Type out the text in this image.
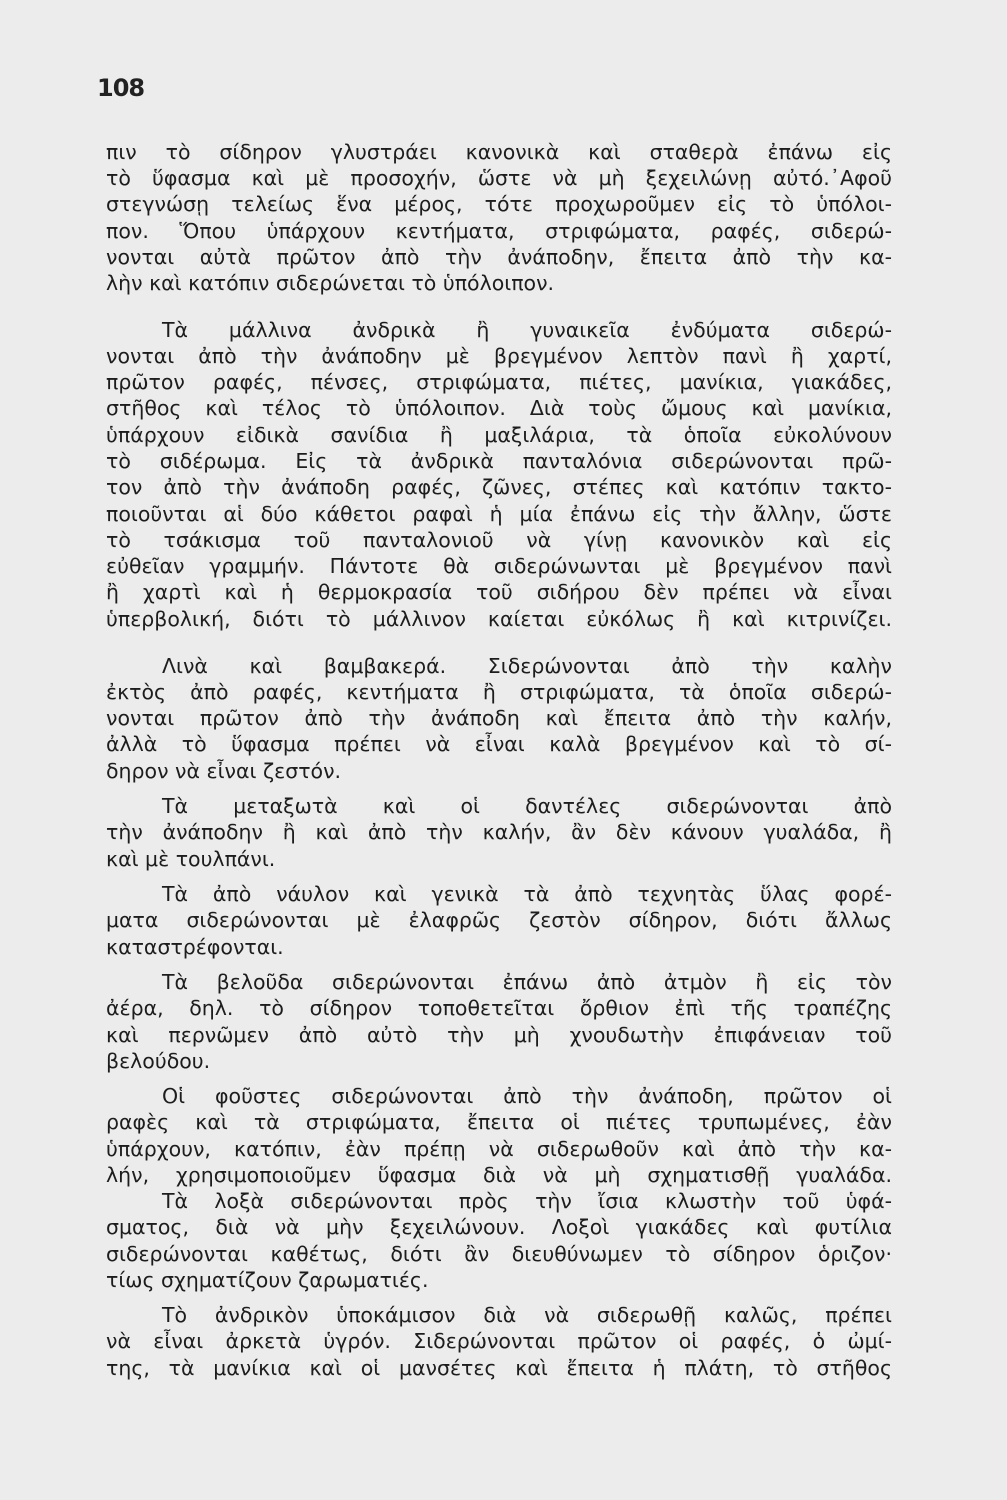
108
πιν τὸ σίδηρον γλυστράει κανονικὰ καὶ σταθερὰ ἐπάνω εἰς
τὸ ὕφασμα καὶ μὲ προσοχήν, ὥστε νὰ μὴ ξεχειλώνῃ αὐτό.᾿Αφοῦ
στεγνώσῃ τελείως ἕνα μέρος, τότε προχωροῦμεν εἰς τὸ ὑπόλοι-
πον. Ὅπου ὑπάρχουν κεντήματα, στριφώματα, ραφές, σιδερώ-
νονται αὐτὰ πρῶτον ἀπὸ τὴν ἀνάποδην, ἔπειτα ἀπὸ τὴν κα-
λὴν καὶ κατόπιν σιδερώνεται τὸ ὑπόλοιπον.
Τὰ μάλλινα ἀνδρικὰ ἢ γυναικεῖα ἐνδύματα σιδερώ-
νονται ἀπὸ τὴν ἀνάποδην μὲ βρεγμένον λεπτὸν πανὶ ἢ χαρτί,
πρῶτον ραφές, πένσες, στριφώματα, πιέτες, μανίκια, γιακάδες,
στῆθος καὶ τέλος τὸ ὑπόλοιπον. Διὰ τοὺς ὤμους καὶ μανίκια,
ὑπάρχουν εἰδικὰ σανίδια ἢ μαξιλάρια, τὰ ὁποῖα εὐκολύνουν
τὸ σιδέρωμα. Εἰς τὰ ἀνδρικὰ πανταλόνια σιδερώνονται πρῶ-
τον ἀπὸ τὴν ἀνάποδη ραφές, ζῶνες, στέπες καὶ κατόπιν τακτο-
ποιοῦνται αἱ δύο κάθετοι ραφαὶ ἡ μία ἐπάνω εἰς τὴν ἄλλην, ὥστε
τὸ τσάκισμα τοῦ πανταλονιοῦ νὰ γίνῃ κανονικὸν καὶ εἰς
εὐθεῖαν γραμμήν. Πάντοτε θὰ σιδερώνωνται μὲ βρεγμένον πανὶ
ἢ χαρτὶ καὶ ἡ θερμοκρασία τοῦ σιδήρου δὲν πρέπει νὰ εἶναι
ὑπερβολική, διότι τὸ μάλλινον καίεται εὐκόλως ἢ καὶ κιτρινίζει.
Λινὰ καὶ βαμβακερά. Σιδερώνονται ἀπὸ τὴν καλὴν
ἐκτὸς ἀπὸ ραφές, κεντήματα ἢ στριφώματα, τὰ ὁποῖα σιδερώ-
νονται πρῶτον ἀπὸ τὴν ἀνάποδη καὶ ἔπειτα ἀπὸ τὴν καλήν,
ἀλλὰ τὸ ὕφασμα πρέπει νὰ εἶναι καλὰ βρεγμένον καὶ τὸ σί-
δηρον νὰ εἶναι ζεστόν.
Τὰ μεταξωτὰ καὶ οἱ δαντέλες σιδερώνονται ἀπὸ
τὴν ἀνάποδην ἢ καὶ ἀπὸ τὴν καλήν, ἂν δὲν κάνουν γυαλάδα, ἢ
καὶ μὲ τουλπάνι.
Τὰ ἀπὸ νάυλον καὶ γενικὰ τὰ ἀπὸ τεχνητὰς ὕλας φορέ-
ματα σιδερώνονται μὲ ἐλαφρῶς ζεστὸν σίδηρον, διότι ἄλλως
καταστρέφονται.
Τὰ βελοῦδα σιδερώνονται ἐπάνω ἀπὸ ἀτμὸν ἢ εἰς τὸν
ἀέρα, δηλ. τὸ σίδηρον τοποθετεῖται ὄρθιον ἐπὶ τῆς τραπέζης
καὶ περνῶμεν ἀπὸ αὐτὸ τὴν μὴ χνουδωτὴν ἐπιφάνειαν τοῦ
βελούδου.
Οἱ φοῦστες σιδερώνονται ἀπὸ τὴν ἀνάποδη, πρῶτον οἱ
ραφὲς καὶ τὰ στριφώματα, ἔπειτα οἱ πιέτες τρυπωμένες, ἐὰν
ὑπάρχουν, κατόπιν, ἐὰν πρέπῃ νὰ σιδερωθοῦν καὶ ἀπὸ τὴν κα-
λήν, χρησιμοποιοῦμεν ὕφασμα διὰ νὰ μὴ σχηματισθῇ γυαλάδα.
Τὰ λοξὰ σιδερώνονται πρὸς τὴν ἴσια κλωστὴν τοῦ ὑφά-
σματος, διὰ νὰ μὴν ξεχειλώνουν. Λοξοὶ γιακάδες καὶ φυτίλια
σιδερώνονται καθέτως, διότι ἂν διευθύνωμεν τὸ σίδηρον ὁριζον·
τίως σχηματίζουν ζαρωματιές.
Τὸ ἀνδρικὸν ὑποκάμισον διὰ νὰ σιδερωθῇ καλῶς, πρέπει
νὰ εἶναι ἀρκετὰ ὑγρόν. Σιδερώνονται πρῶτον οἱ ραφές, ὁ ὠμί-
της, τὰ μανίκια καὶ οἱ μανσέτες καὶ ἔπειτα ἡ πλάτη, τὸ στῆθος
